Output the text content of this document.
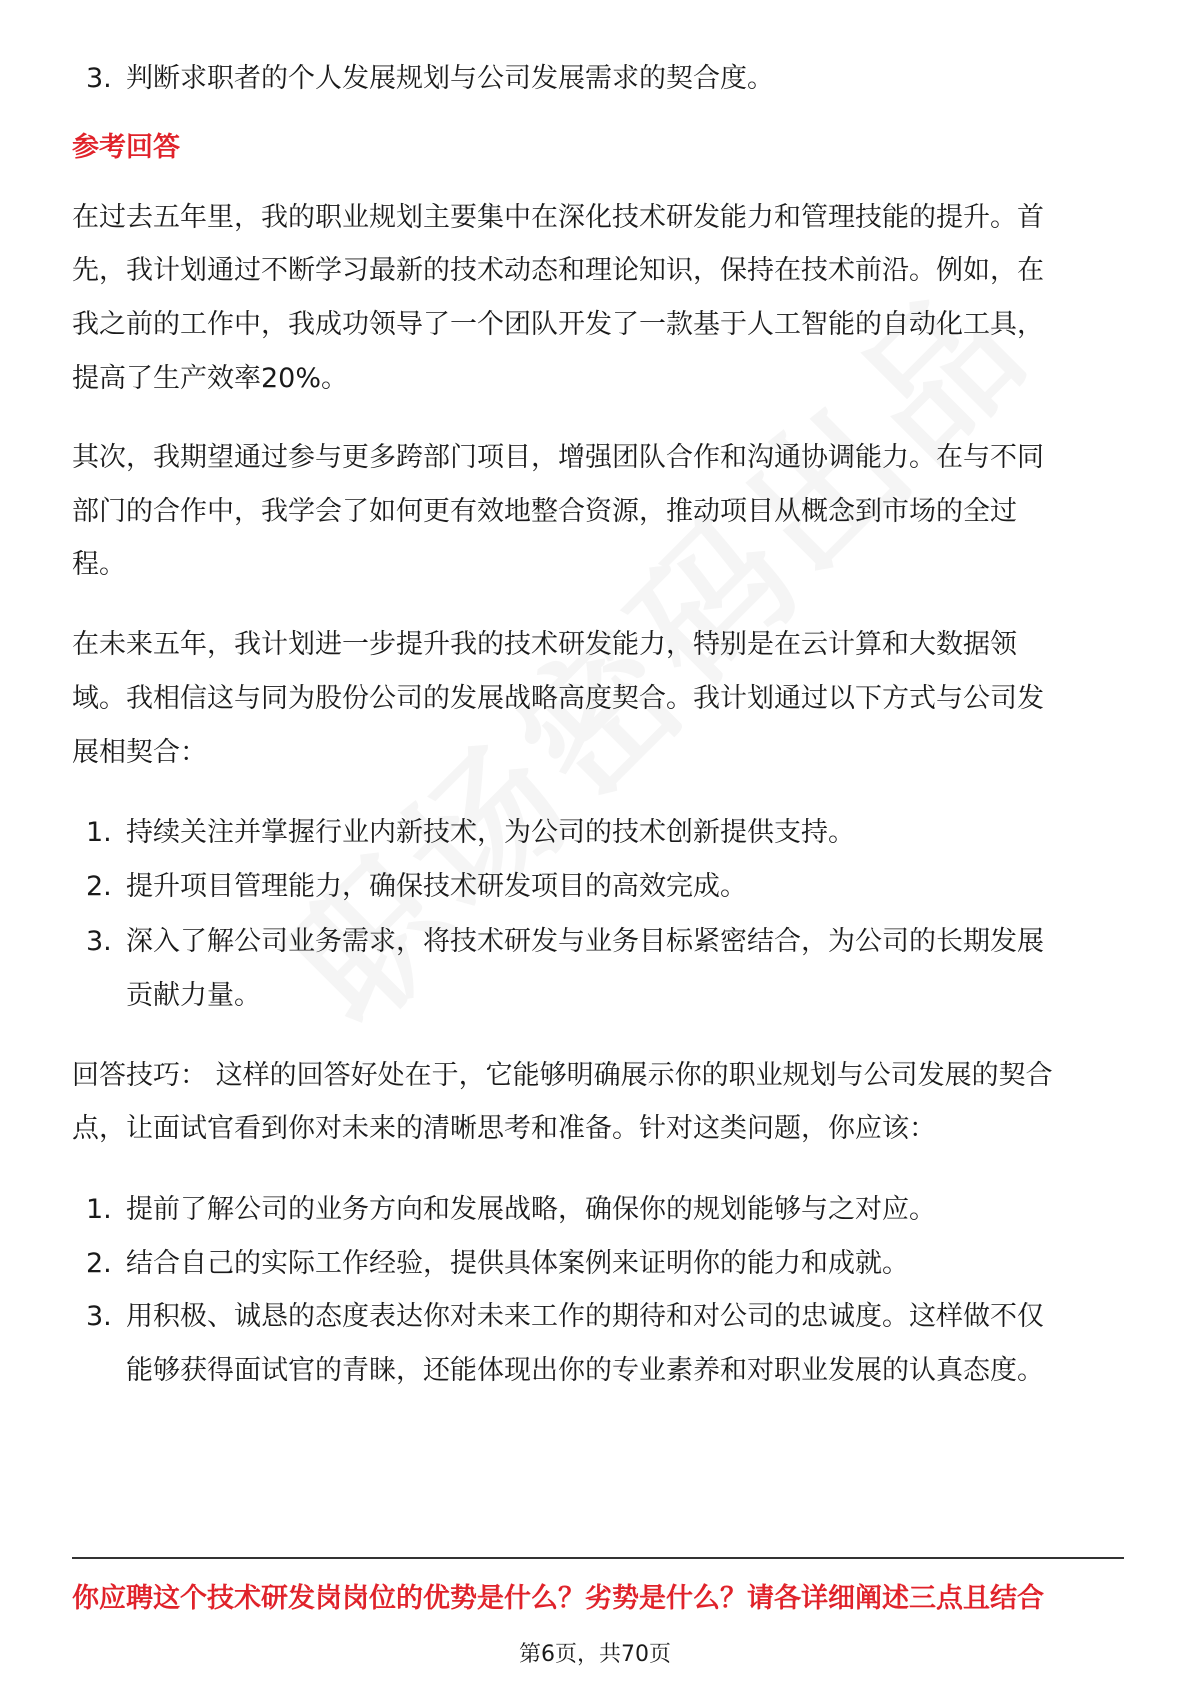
3. 判断求职者的个人发展规划与公司发展需求的契合度。
参考回答
在过去五年里，我的职业规划主要集中在深化技术研发能力和管理技能的提升。首
先，我计划通过不断学习最新的技术动态和理论知识，保持在技术前沿。例如，在
我之前的工作中，我成功领导了一个团队开发了一款基于人工智能的自动化工具，
提高了生产效率20%。
其次，我期望通过参与更多跨部门项目，增强团队合作和沟通协调能力。在与不同
部门的合作中，我学会了如何更有效地整合资源，推动项目从概念到市场的全过
程。
在未来五年，我计划进一步提升我的技术研发能力，特别是在云计算和大数据领
域。我相信这与同为股份公司的发展战略高度契合。我计划通过以下方式与公司发
展相契合：
1. 持续关注并掌握行业内新技术，为公司的技术创新提供支持。
2. 提升项目管理能力，确保技术研发项目的高效完成。
3. 深入了解公司业务需求，将技术研发与业务目标紧密结合，为公司的长期发展
贡献力量。
回答技巧： 这样的回答好处在于，它能够明确展示你的职业规划与公司发展的契合
点，让面试官看到你对未来的清晰思考和准备。针对这类问题，你应该：
1. 提前了解公司的业务方向和发展战略，确保你的规划能够与之对应。
2. 结合自己的实际工作经验，提供具体案例来证明你的能力和成就。
3. 用积极、诚恳的态度表达你对未来工作的期待和对公司的忠诚度。这样做不仅
能够获得面试官的青睐，还能体现出你的专业素养和对职业发展的认真态度。
你应聘这个技术研发岗岗位的优势是什么？劣势是什么？请各详细阐述三点且结合
第6页，共70页
